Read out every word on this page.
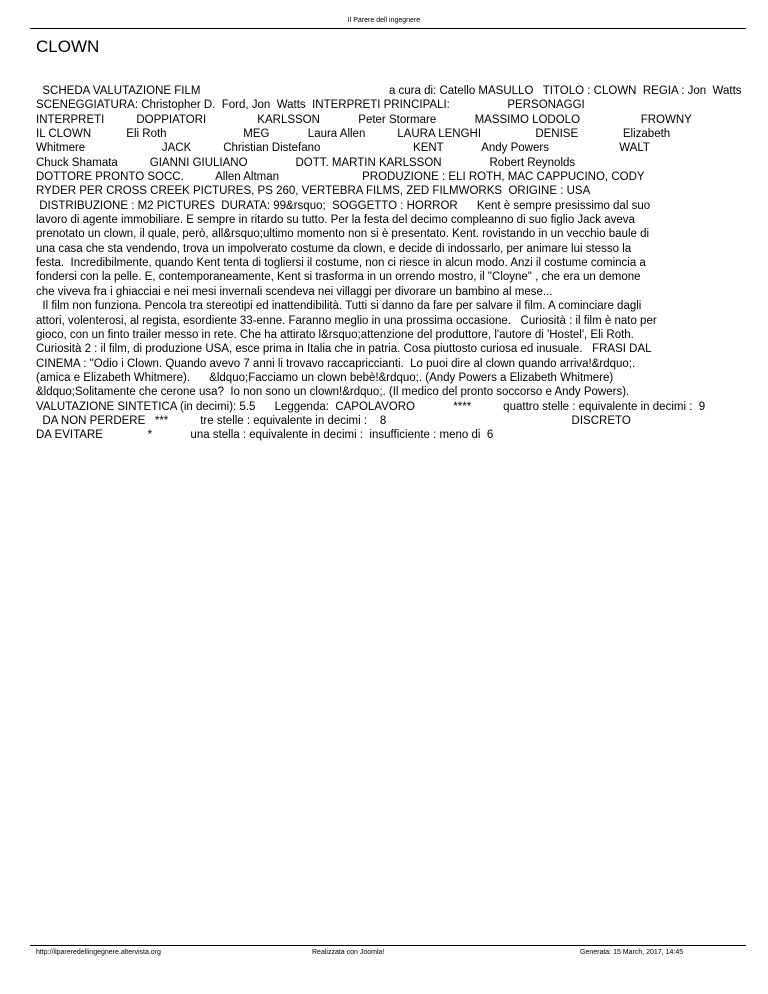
Il Parere dell ingegnere
CLOWN
SCHEDA VALUTAZIONE FILM                                                           a cura di: Catello MASULLO   TITOLO : CLOWN  REGIA : Jon  Watts
SCENEGGIATURA: Christopher D.  Ford, Jon  Watts  INTERPRETI PRINCIPALI:                  PERSONAGGI
INTERPRETI          DOPPIATORI                KARLSSON            Peter Stormare            MASSIMO LODOLO                   FROWNY
IL CLOWN           Eli Roth                        MEG            Laura Allen          LAURA LENGHI                 DENISE              Elizabeth
Whitmere                        JACK          Christian Distefano                             KENT            Andy Powers                      WALT
Chuck Shamata          GIANNI GIULIANO               DOTT. MARTIN KARLSSON               Robert Reynolds
DOTTORE PRONTO SOCC.          Allen Altman                          PRODUZIONE : ELI ROTH, MAC CAPPUCINO, CODY
RYDER PER CROSS CREEK PICTURES, PS 260, VERTEBRA FILMS, ZED FILMWORKS  ORIGINE : USA
DISTRIBUZIONE : M2 PICTURES  DURATA: 99&rsquo;  SOGGETTO : HORROR      Kent è sempre presissimo dal suo
lavoro di agente immobiliare. E sempre in ritardo su tutto. Per la festa del decimo compleanno di suo figlio Jack aveva
prenotato un clown, il quale, però, all&rsquo;ultimo momento non si è presentato. Kent. rovistando in un vecchio baule di
una casa che sta vendendo, trova un impolverato costume da clown, e decide di indossarlo, per animare lui stesso la
festa.  Incredibilmente, quando Kent tenta di togliersi il costume, non ci riesce in alcun modo. Anzi il costume comincia a
fondersi con la pelle. E, contemporaneamente, Kent si trasforma in un orrendo mostro, il "Cloyne" , che era un demone
che viveva fra i ghiacciai e nei mesi invernali scendeva nei villaggi per divorare un bambino al mese...
Il film non funziona. Pencola tra stereotipi ed inattendibilità. Tutti si danno da fare per salvare il film. A cominciare dagli
attori, volenterosi, al regista, esordiente 33-enne. Faranno meglio in una prossima occasione.   Curiosità : il film è nato per
gioco, con un finto trailer messo in rete. Che ha attirato l&rsquo;attenzione del produttore, l'autore di 'Hostel', Eli Roth.
Curiosità 2 : il film, di produzione USA, esce prima in Italia che in patria. Cosa piuttosto curiosa ed inusuale.   FRASI DAL
CINEMA : "Odio i Clown. Quando avevo 7 anni li trovavo raccapriccianti.  Lo puoi dire al clown quando arriva!&rdquo;.
(amica e Elizabeth Whitmere).      &ldquo;Facciamo un clown bebè!&rdquo;. (Andy Powers a Elizabeth Whitmere)
&ldquo;Solitamente che cerone usa?  Io non sono un clown!&rdquo;. (Il medico del pronto soccorso e Andy Powers).
VALUTAZIONE SINTETICA (in decimi): 5.5      Leggenda:  CAPOLAVORO            ****          quattro stelle : equivalente in decimi :  9
DA NON PERDERE   ***          tre stelle : equivalente in decimi :    8                                                          DISCRETO
DA EVITARE              *            una stella : equivalente in decimi :  insufficiente : meno di  6
http://ilpareredellingegnere.altervista.org	Realizzata con Joomla!	Generata: 15 March, 2017, 14:45
